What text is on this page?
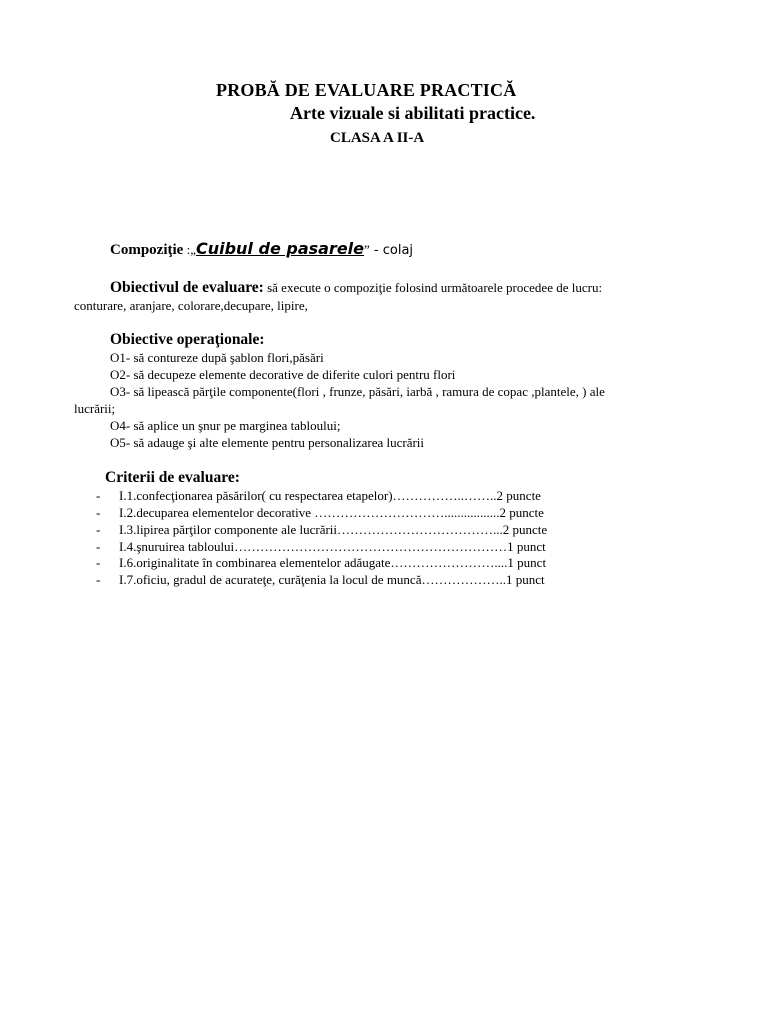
PROBĂ DE EVALUARE PRACTICĂ
Arte vizuale si abilitati practice.
CLASA A II-A
Compoziţie :„Cuibul de pasarele” - colaj
Obiectivul de evaluare: să execute o compoziţie folosind următoarele procedee de lucru:
conturare, aranjare, colorare,decupare, lipire,
Obiective operaţionale:
O1- să contureze după şablon flori,păsări
O2- să decupeze elemente decorative de diferite culori pentru flori
O3- să lipească părţile componente(flori , frunze, păsări, iarbă , ramura de copac ,plantele, ) ale
lucrării;
O4- să aplice un şnur pe marginea tabloului;
O5- să adauge şi alte elemente pentru personalizarea lucrării
Criterii de evaluare:
- I.1.confecţionarea păsărilor( cu respectarea etapelor)……………..……..2 puncte
- I.2.decuparea elementelor decorative ………………………….................2 puncte
- I.3.lipirea părţilor componente ale lucrării………………………………...2 puncte
- I.4.şnuruirea tabloului………………………………………………………1 punct
- I.6.originalitate în combinarea elementelor adăugate……………………....1 punct
- I.7.oficiu, gradul de acurateţe, curăţenia la locul de muncă………………..1 punct
